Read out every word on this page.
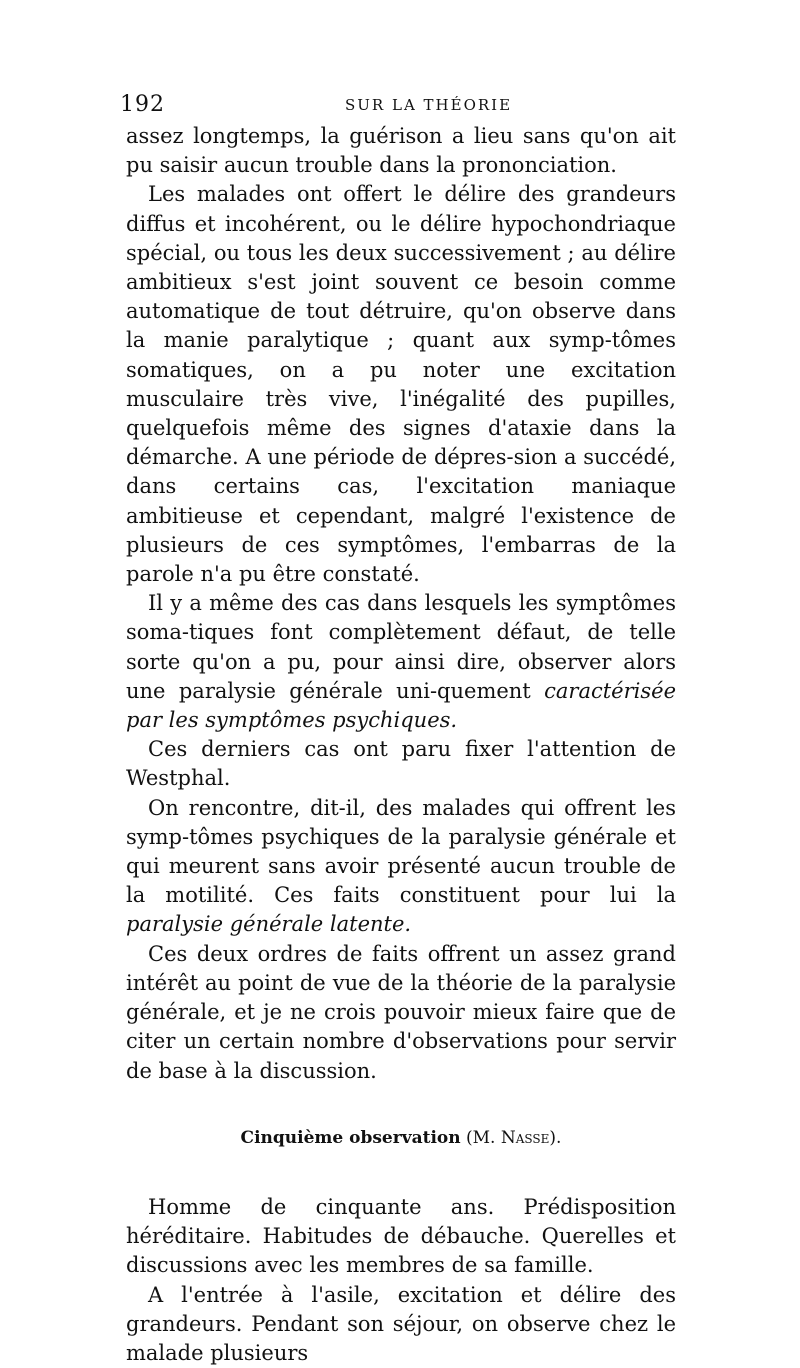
192	SUR LA THÉORIE

assez longtemps, la guérison a lieu sans qu'on ait pu saisir aucun trouble dans la prononciation.

Les malades ont offert le délire des grandeurs diffus et incohérent, ou le délire hypochondriaque spécial, ou tous les deux successivement ; au délire ambitieux s'est joint souvent ce besoin comme automatique de tout détruire, qu'on observe dans la manie paralytique ; quant aux symp-tômes somatiques, on a pu noter une excitation musculaire très vive, l'inégalité des pupilles, quelquefois même des signes d'ataxie dans la démarche. A une période de dépres-sion a succédé, dans certains cas, l'excitation maniaque ambitieuse et cependant, malgré l'existence de plusieurs de ces symptômes, l'embarras de la parole n'a pu être constaté.

Il y a même des cas dans lesquels les symptômes soma-tiques font complètement défaut, de telle sorte qu'on a pu, pour ainsi dire, observer alors une paralysie générale uni-quement caractérisée par les symptômes psychiques.

Ces derniers cas ont paru fixer l'attention de Westphal.

On rencontre, dit-il, des malades qui offrent les symp-tômes psychiques de la paralysie générale et qui meurent sans avoir présenté aucun trouble de la motilité. Ces faits constituent pour lui la paralysie générale latente.

Ces deux ordres de faits offrent un assez grand intérêt au point de vue de la théorie de la paralysie générale, et je ne crois pouvoir mieux faire que de citer un certain nombre d'observations pour servir de base à la discussion.

Cinquième observation (M. Nasse).

Homme de cinquante ans. Prédisposition héréditaire. Habitudes de débauche. Querelles et discussions avec les membres de sa famille.

A l'entrée à l'asile, excitation et délire des grandeurs. Pendant son séjour, on observe chez le malade plusieurs
